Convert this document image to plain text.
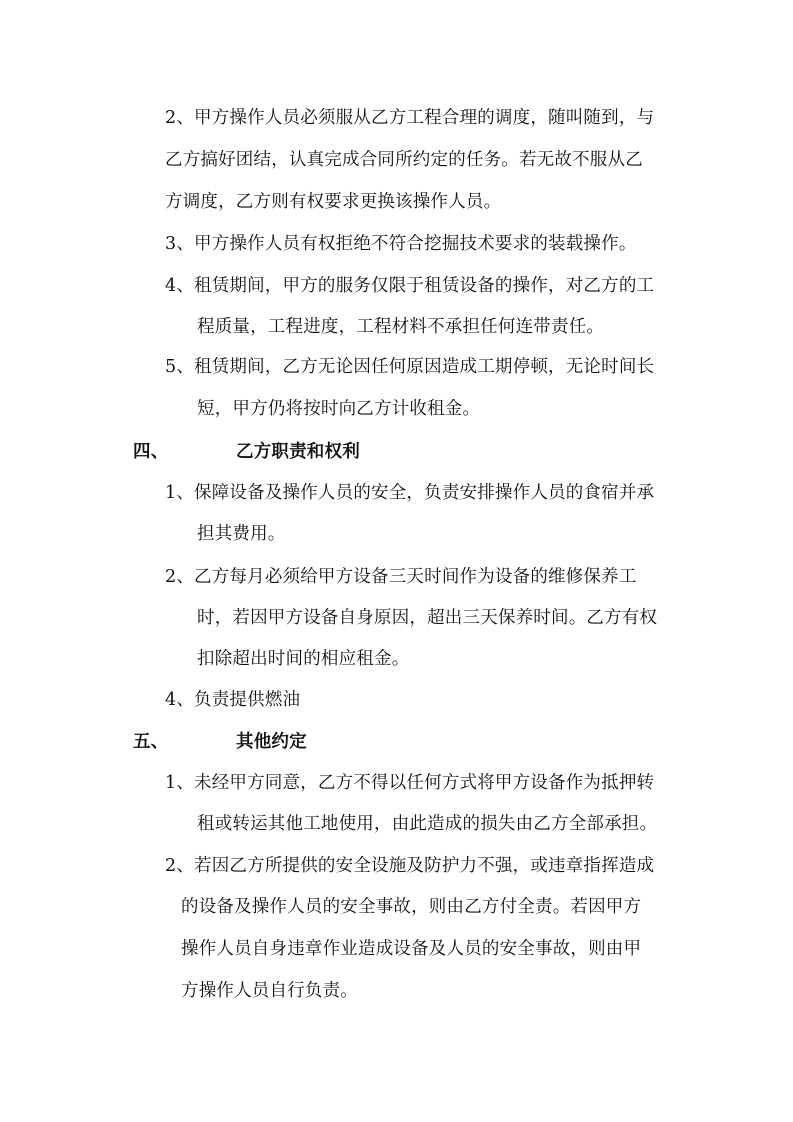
2、甲方操作人员必须服从乙方工程合理的调度，随叫随到，与
乙方搞好团结，认真完成合同所约定的任务。若无故不服从乙
方调度，乙方则有权要求更换该操作人员。
3、甲方操作人员有权拒绝不符合挖掘技术要求的装载操作。
4、租赁期间，甲方的服务仅限于租赁设备的操作，对乙方的工
程质量，工程进度，工程材料不承担任何连带责任。
5、租赁期间，乙方无论因任何原因造成工期停顿，无论时间长
短，甲方仍将按时向乙方计收租金。
四、	乙方职责和权利
1、保障设备及操作人员的安全，负责安排操作人员的食宿并承
担其费用。
2、乙方每月必须给甲方设备三天时间作为设备的维修保养工
时，若因甲方设备自身原因，超出三天保养时间。乙方有权
扣除超出时间的相应租金。
4、负责提供燃油
五、	其他约定
1、未经甲方同意，乙方不得以任何方式将甲方设备作为抵押转
租或转运其他工地使用，由此造成的损失由乙方全部承担。
2、若因乙方所提供的安全设施及防护力不强，或违章指挥造成
的设备及操作人员的安全事故，则由乙方付全责。若因甲方
操作人员自身违章作业造成设备及人员的安全事故，则由甲
方操作人员自行负责。
